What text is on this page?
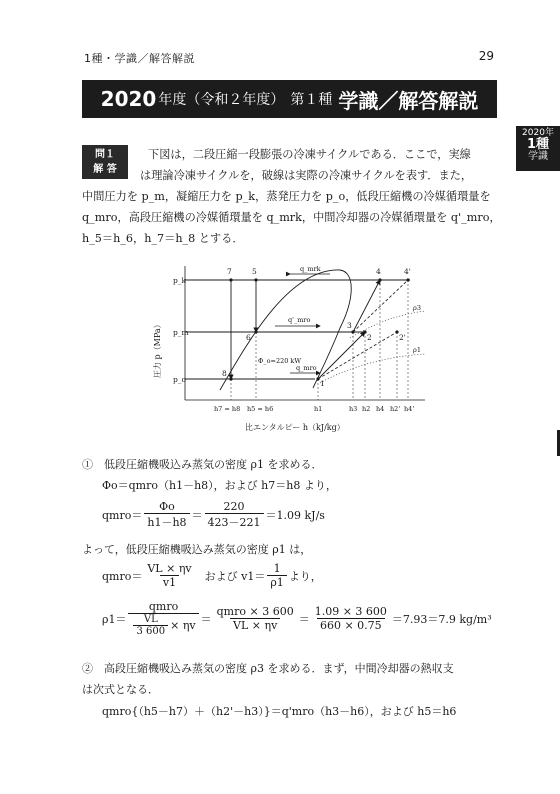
1種・学識／解答解説	29
2020 年度（令和２年度） 第１種 学識／解答解説
2020年
1種
学識
問１
解 答
下図は，二段圧縮一段膨張の冷凍サイクルである．ここで，実線
は理論冷凍サイクルを，破線は実際の冷凍サイクルを表す．また，
中間圧力を p_m，凝縮圧力を p_k，蒸発圧力を p_o，低段圧縮機の冷媒循環量を
q_mro，高段圧縮機の冷媒循環量を q_mrk，中間冷却器の冷媒循環量を q'_mro，
h_5＝h_6，h_7＝h_8 とする．
p_k
p_m
p_o
圧力 p（MPa）
7	5	4	4'
3
2	2'
6
8
1
q_mrk
q'_mro
Φ_o=220 kW
q_mro
ρ3
ρ1
h7 = h8 h5 = h6	h1	h3 h2 h4 h2' h4'
比エンタルピー h（kJ/kg）
①　低段圧縮機吸込み蒸気の密度 ρ1 を求める．
Φo＝qmro（h1－h8），および h7＝h8 より，
qmro＝ $\frac{\Phi o}{h1-h8} = \frac{220}{423-221} =1.09$ kJ/s
よって，低段圧縮機吸込み蒸気の密度 ρ1 は，
qmro＝ $\frac{VL \times \eta v}{v1}$ および $v1= \frac{1}{\rho 1}$ より，
$\rho 1= \frac{\text{qmro}}{\frac{VL}{3 600} \times \eta v} = \frac{\text{qmro × 3 600}}{VL \times \eta v} = \frac{1.09 \times 3 600}{660 \times 0.75} =7.93=7.9$ kg/m³
②　高段圧縮機吸込み蒸気の密度 ρ3 を求める．まず，中間冷却器の熱収支
は次式となる．
qmro{（h5－h7）＋（h2'－h3）}＝q'mro（h3－h6），および h5＝h6
